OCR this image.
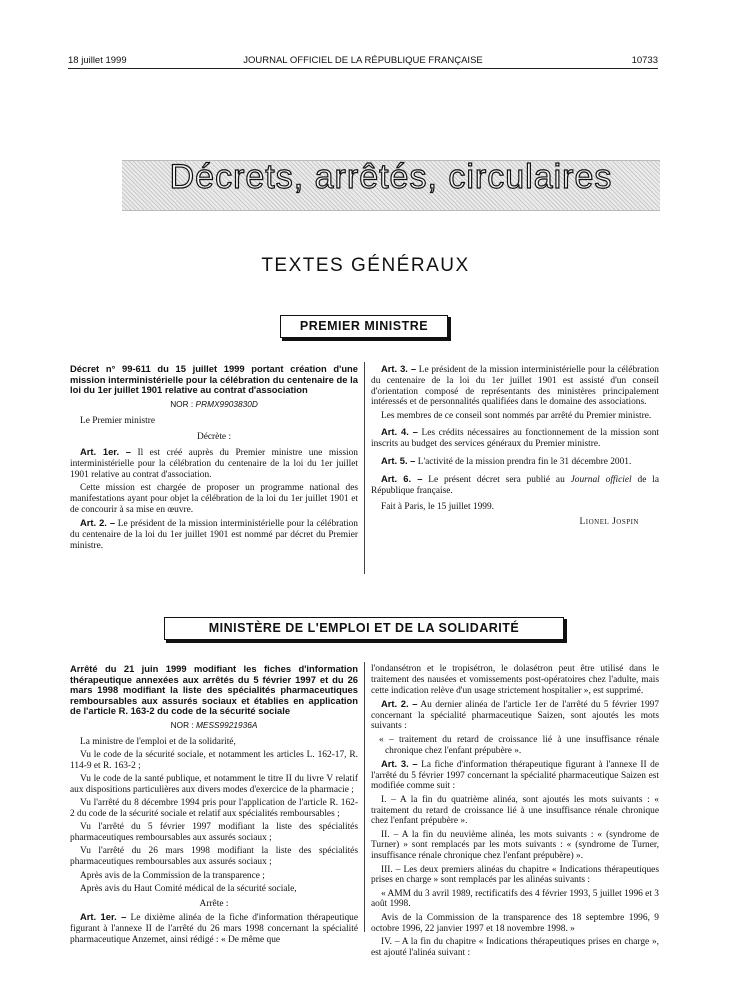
18 juillet 1999	JOURNAL OFFICIEL DE LA RÉPUBLIQUE FRANÇAISE	10733
Décrets, arrêtés, circulaires
TEXTES GÉNÉRAUX
PREMIER MINISTRE

Décret n° 99-611 du 15 juillet 1999 portant création d'une mission interministérielle pour la célébration du centenaire de la loi du 1er juillet 1901 relative au contrat d'association

NOR : PRMX9903830D

Le Premier ministre

Décrète :

Art. 1er. – Il est créé auprès du Premier ministre une mission interministérielle pour la célébration du centenaire de la loi du 1er juillet 1901 relative au contrat d'association.

Cette mission est chargée de proposer un programme national des manifestations ayant pour objet la célébration de la loi du 1er juillet 1901 et de concourir à sa mise en œuvre.

Art. 2. – Le président de la mission interministérielle pour la célébration du centenaire de la loi du 1er juillet 1901 est nommé par décret du Premier ministre.

Art. 3. – Le président de la mission interministérielle pour la célébration du centenaire de la loi du 1er juillet 1901 est assisté d'un conseil d'orientation composé de représentants des ministères principalement intéressés et de personnalités qualifiées dans le domaine des associations.

Les membres de ce conseil sont nommés par arrêté du Premier ministre.

Art. 4. – Les crédits nécessaires au fonctionnement de la mission sont inscrits au budget des services généraux du Premier ministre.

Art. 5. – L'activité de la mission prendra fin le 31 décembre 2001.

Art. 6. – Le présent décret sera publié au Journal officiel de la République française.

Fait à Paris, le 15 juillet 1999.

Lionel Jospin

MINISTÈRE DE L'EMPLOI ET DE LA SOLIDARITÉ

Arrêté du 21 juin 1999 modifiant les fiches d'information thérapeutique annexées aux arrêtés du 5 février 1997 et du 26 mars 1998 modifiant la liste des spécialités pharmaceutiques remboursables aux assurés sociaux et établies en application de l'article R. 163-2 du code de la sécurité sociale

NOR : MESS9921936A

La ministre de l'emploi et de la solidarité,

Vu le code de la sécurité sociale, et notamment les articles L. 162-17, R. 114-9 et R. 163-2 ;

Vu le code de la santé publique, et notamment le titre II du livre V relatif aux dispositions particulières aux divers modes d'exercice de la pharmacie ;

Vu l'arrêté du 8 décembre 1994 pris pour l'application de l'article R. 162-2 du code de la sécurité sociale et relatif aux spécialités remboursables ;

Vu l'arrêté du 5 février 1997 modifiant la liste des spécialités pharmaceutiques remboursables aux assurés sociaux ;

Vu l'arrêté du 26 mars 1998 modifiant la liste des spécialités pharmaceutiques remboursables aux assurés sociaux ;

Après avis de la Commission de la transparence ;

Après avis du Haut Comité médical de la sécurité sociale,

Arrête :

Art. 1er. – Le dixième alinéa de la fiche d'information thérapeutique figurant à l'annexe II de l'arrêté du 26 mars 1998 concernant la spécialité pharmaceutique Anzemet, ainsi rédigé : « De même que

l'ondansétron et le tropisétron, le dolasétron peut être utilisé dans le traitement des nausées et vomissements post-opératoires chez l'adulte, mais cette indication relève d'un usage strictement hospitalier », est supprimé.

Art. 2. – Au dernier alinéa de l'article 1er de l'arrêté du 5 février 1997 concernant la spécialité pharmaceutique Saizen, sont ajoutés les mots suivants :

« – traitement du retard de croissance lié à une insuffisance rénale chronique chez l'enfant prépubère ».

Art. 3. – La fiche d'information thérapeutique figurant à l'annexe II de l'arrêté du 5 février 1997 concernant la spécialité pharmaceutique Saizen est modifiée comme suit :

I. – A la fin du quatrième alinéa, sont ajoutés les mots suivants : « traitement du retard de croissance lié à une insuffisance rénale chronique chez l'enfant prépubère ».

II. – A la fin du neuvième alinéa, les mots suivants : « (syndrome de Turner) » sont remplacés par les mots suivants : « (syndrome de Turner, insuffisance rénale chronique chez l'enfant prépubère) ».

III. – Les deux premiers alinéas du chapitre « Indications thérapeutiques prises en charge » sont remplacés par les alinéas suivants :

« AMM du 3 avril 1989, rectificatifs des 4 février 1993, 5 juillet 1996 et 3 août 1998.

Avis de la Commission de la transparence des 18 septembre 1996, 9 octobre 1996, 22 janvier 1997 et 18 novembre 1998. »

IV. – A la fin du chapitre « Indications thérapeutiques prises en charge », est ajouté l'alinéa suivant :
